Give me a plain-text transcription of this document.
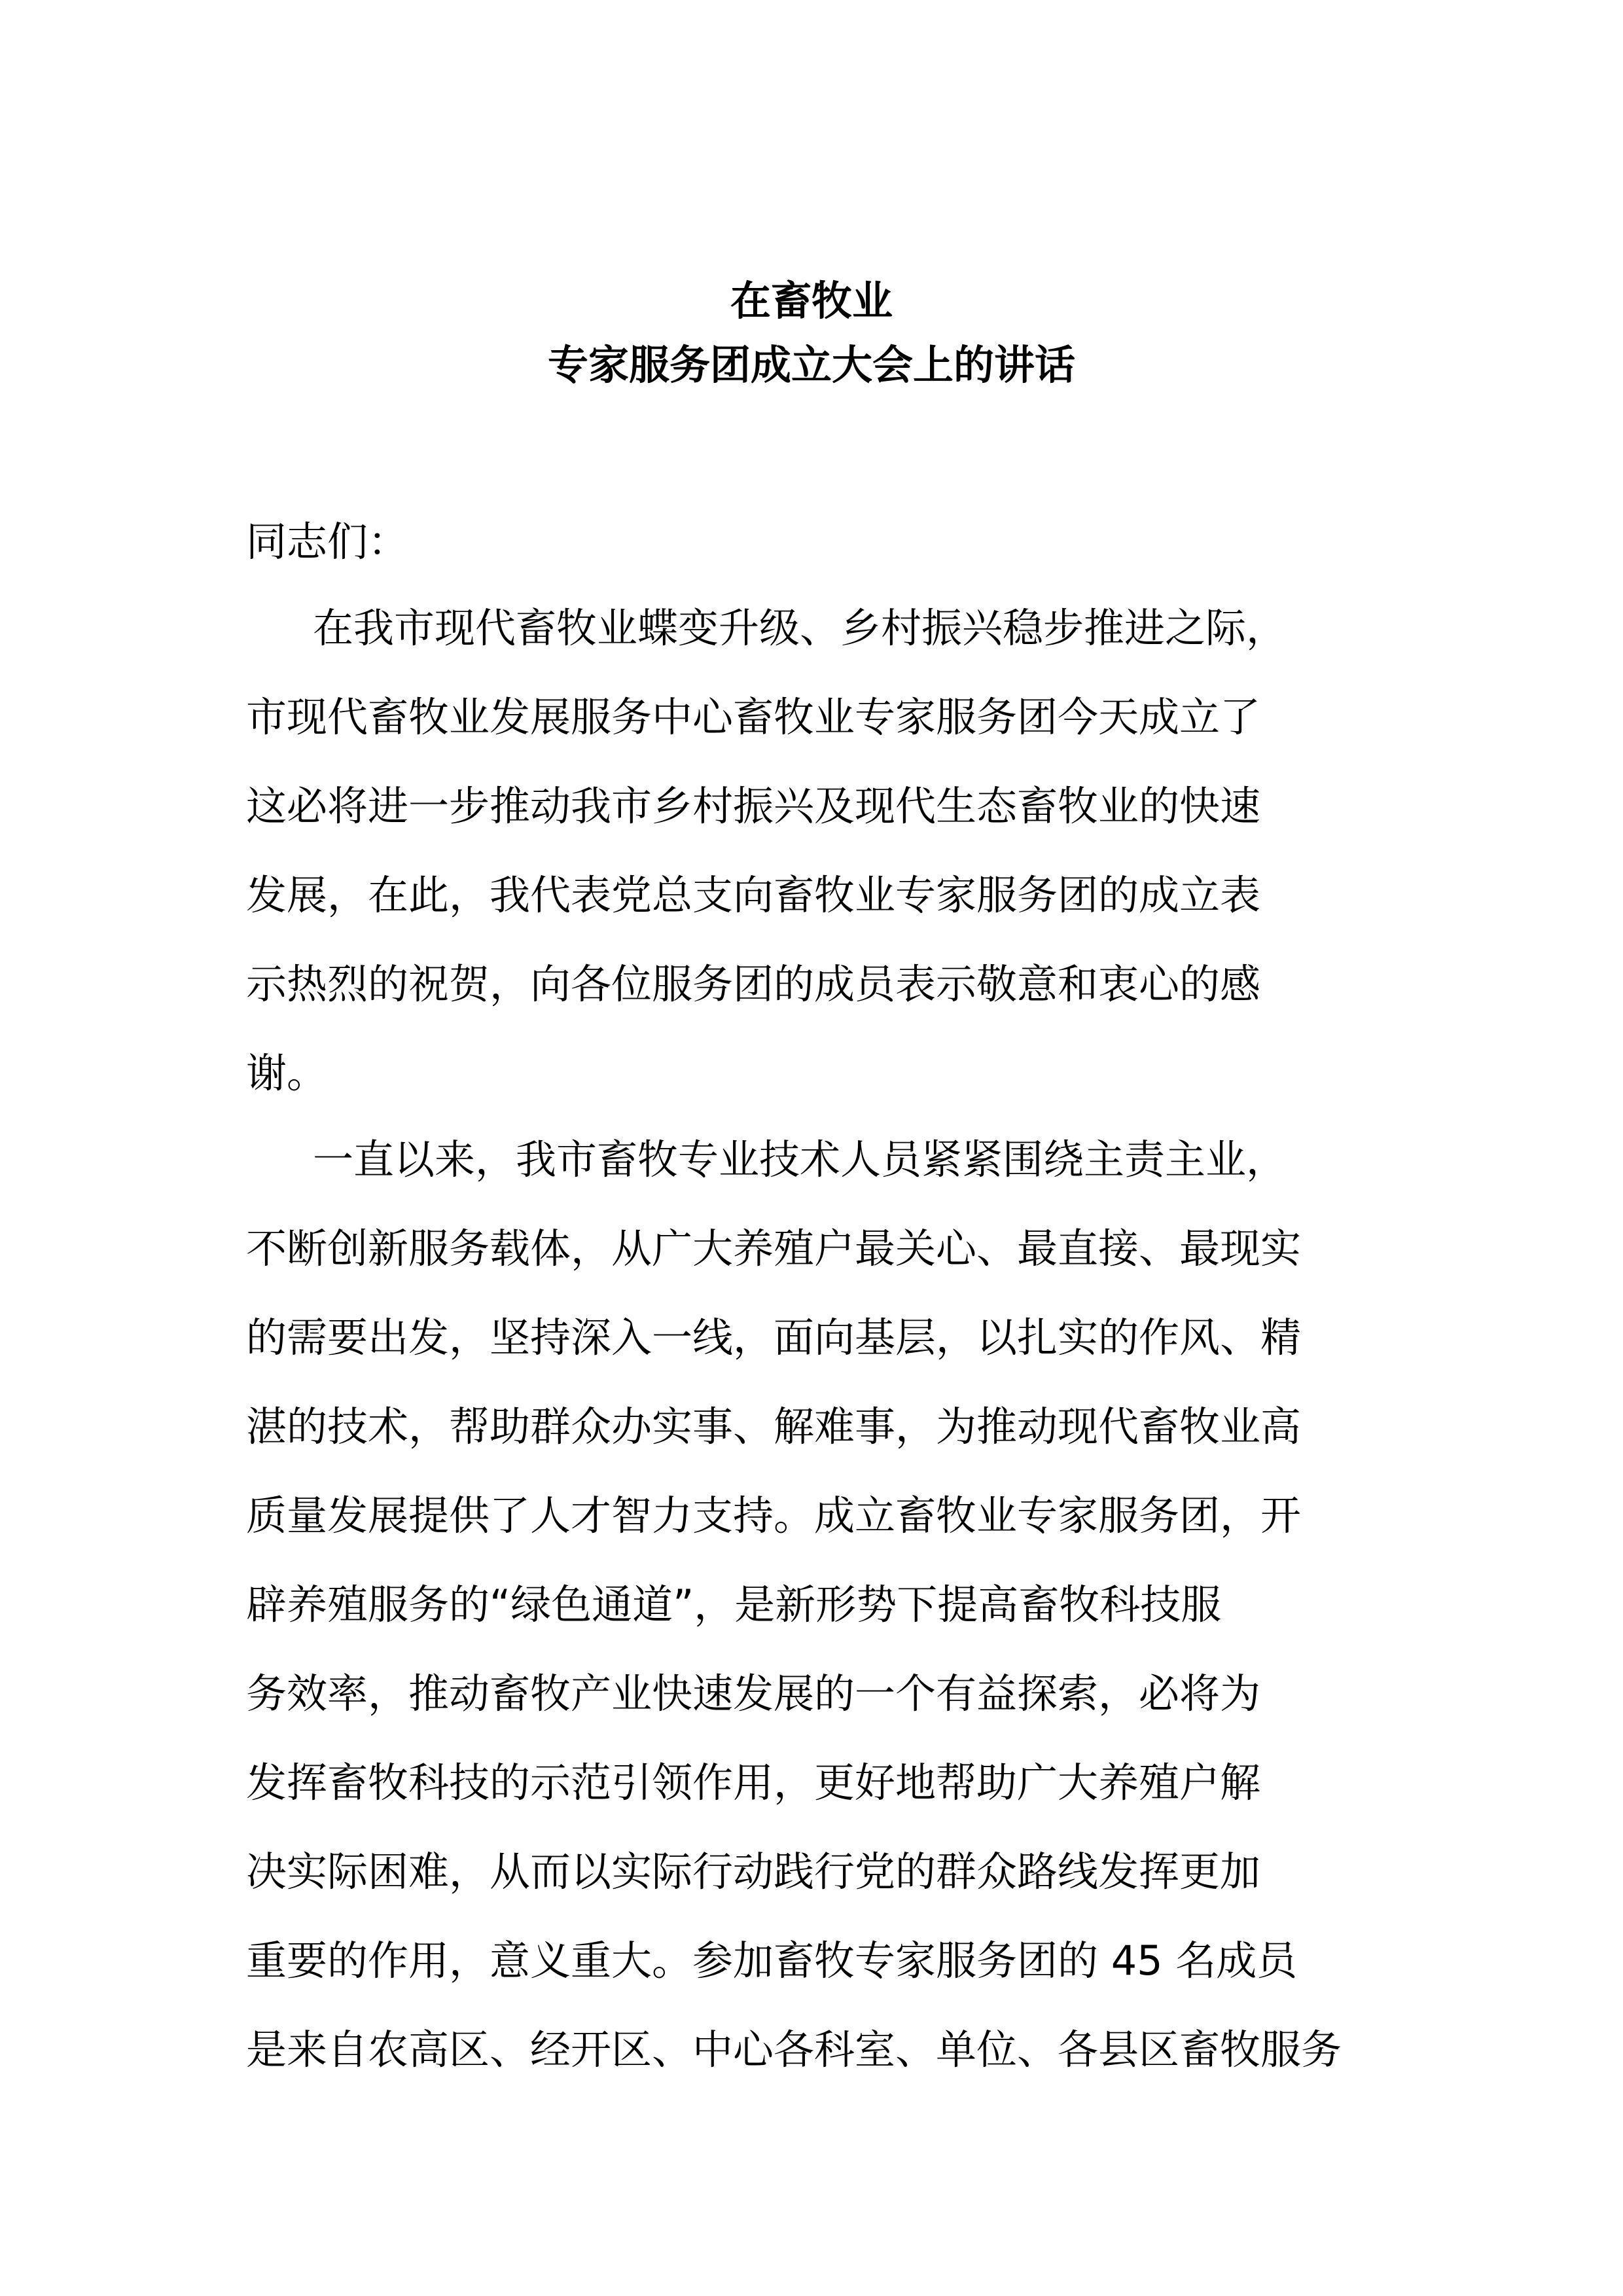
在畜牧业
专家服务团成立大会上的讲话
同志们：
在我市现代畜牧业蝶变升级、乡村振兴稳步推进之际，
市现代畜牧业发展服务中心畜牧业专家服务团今天成立了
这必将进一步推动我市乡村振兴及现代生态畜牧业的快速
发展，在此，我代表党总支向畜牧业专家服务团的成立表
示热烈的祝贺，向各位服务团的成员表示敬意和衷心的感
谢。
一直以来，我市畜牧专业技术人员紧紧围绕主责主业，
不断创新服务载体，从广大养殖户最关心、最直接、最现实
的需要出发，坚持深入一线，面向基层，以扎实的作风、精
湛的技术，帮助群众办实事、解难事，为推动现代畜牧业高
质量发展提供了人才智力支持。成立畜牧业专家服务团，开
辟养殖服务的“绿色通道”，是新形势下提高畜牧科技服
务效率，推动畜牧产业快速发展的一个有益探索，必将为
发挥畜牧科技的示范引领作用，更好地帮助广大养殖户解
决实际困难，从而以实际行动践行党的群众路线发挥更加
重要的作用，意义重大。参加畜牧专家服务团的 45 名成员
是来自农高区、经开区、中心各科室、单位、各县区畜牧服务
